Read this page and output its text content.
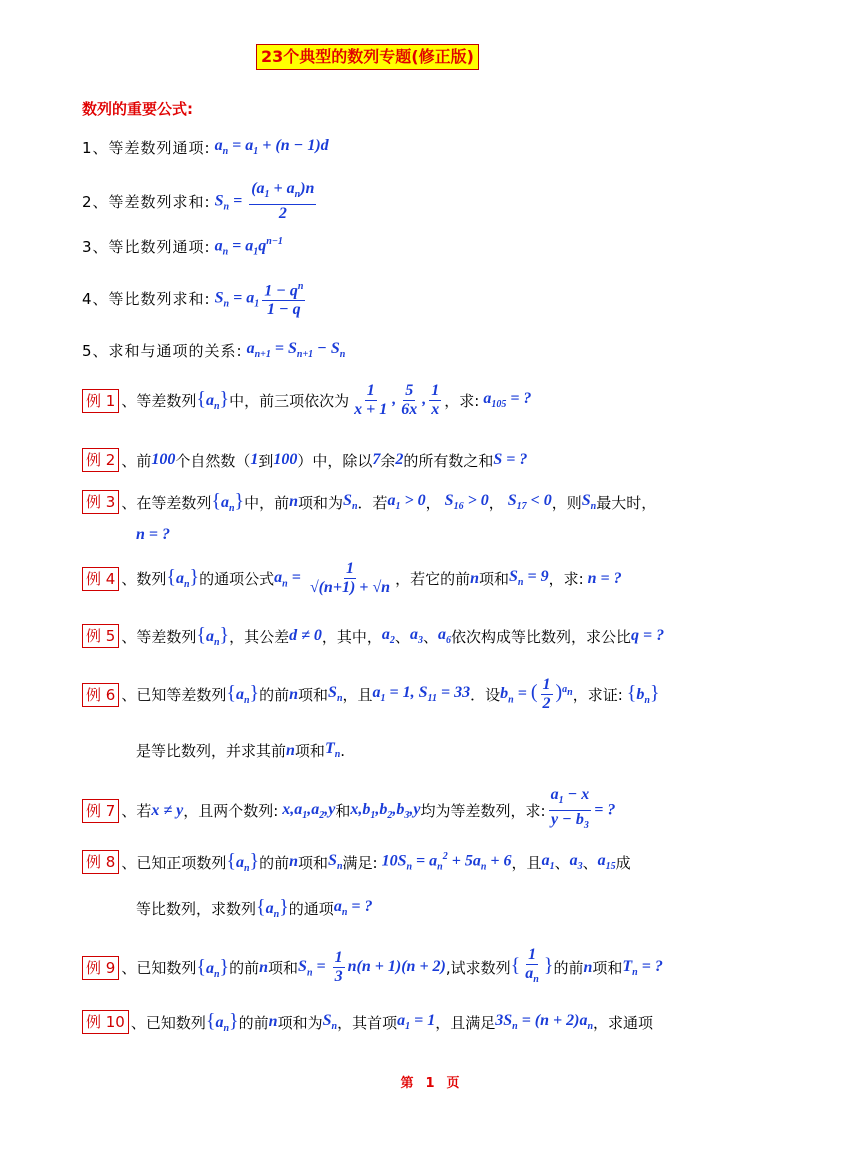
23个典型的数列专题(修正版)
数列的重要公式:
1、等差数列通项: $a_n = a_1 + (n - 1)d$
2、等差数列求和: $S_n = \frac{(a_1 + a_n)n}{2}$
3、等比数列通项: $a_n = a_1q^{n-1}$
4、等比数列求和: $S_n = a_1 \frac{1 - q^n}{1 - q}$
5、求和与通项的关系: $a_{n+1} = S_{n+1} - S_n$
例 1 、等差数列 $\{a_n\}$ 中，前三项依次为 $\frac{1}{x + 1}$ , $\frac{5}{6x}$ , $\frac{1}{x}$ ，求: $a_{105}$ = ?
例 2 、前 100 个自然数（ 1 到 100 ）中，除以 7 余 2 的所有数之和 S = ?
例 3 、在等差数列 $\{a_n\}$ 中，前 n 项和为 $S_n$ ．若 $a_1 > 0$ ， $S_{16} > 0$ ， $S_{17} < 0$ ，则 $S_n$ 最大时，
n = ?
例 4 、数列 $\{a_n\}$ 的通项公式 $a_n = \frac{1}{√(n+1) + √n}$ ，若它的前 n 项和 $S_n = 9$ ，求: n = ?
例 5 、等差数列 $\{a_n\}$ ，其公差 d ≠ 0 ，其中， $a_2$ 、 $a_3$ 、 $a_6$ 依次构成等比数列，求公比 q = ?
例 6 、已知等差数列 $\{a_n\}$ 的前 n 项和 $S_n$ ，且 $a_1 = 1$, $S_{11} = 33$ ．设 $b_n$ = ( $\frac{1}{2} )^{a_n}$ ，求证: $\{b_n\}$
是等比数列，并求其前 n 项和 $T_n$ .
例 7 、若 x ≠ y ，且两个数列: $x,a_1,a_2,y$ 和 $x,b_1,b_2,b_3,y$ 均为等差数列，求: $\frac{a_1 - x}{y - b_3}$ = ?
例 8 、已知正项数列 $\{a_n\}$ 的前 n 项和 $S_n$ 满足: $10S_n = a_n^2 + 5a_n + 6$ ，且 $a_1$ 、 $a_3$ 、 $a_{15}$ 成
等比数列，求数列 $\{a_n\}$ 的通项 $a_n$ = ?
例 9 、已知数列 $\{a_n\}$ 的前 n 项和 $S_n = \frac{1}{3} n(n + 1)(n + 2)$ ,试求数列 { $\frac{1}{a_n}$ } 的前 n 项和 $T_n$ = ?
例 10 、已知数列 $\{a_n\}$ 的前 n 项和为 $S_n$ ，其首项 $a_1 = 1$ ，且满足 $3S_n = (n + 2)a_n$ ，求通项
第 1 页
